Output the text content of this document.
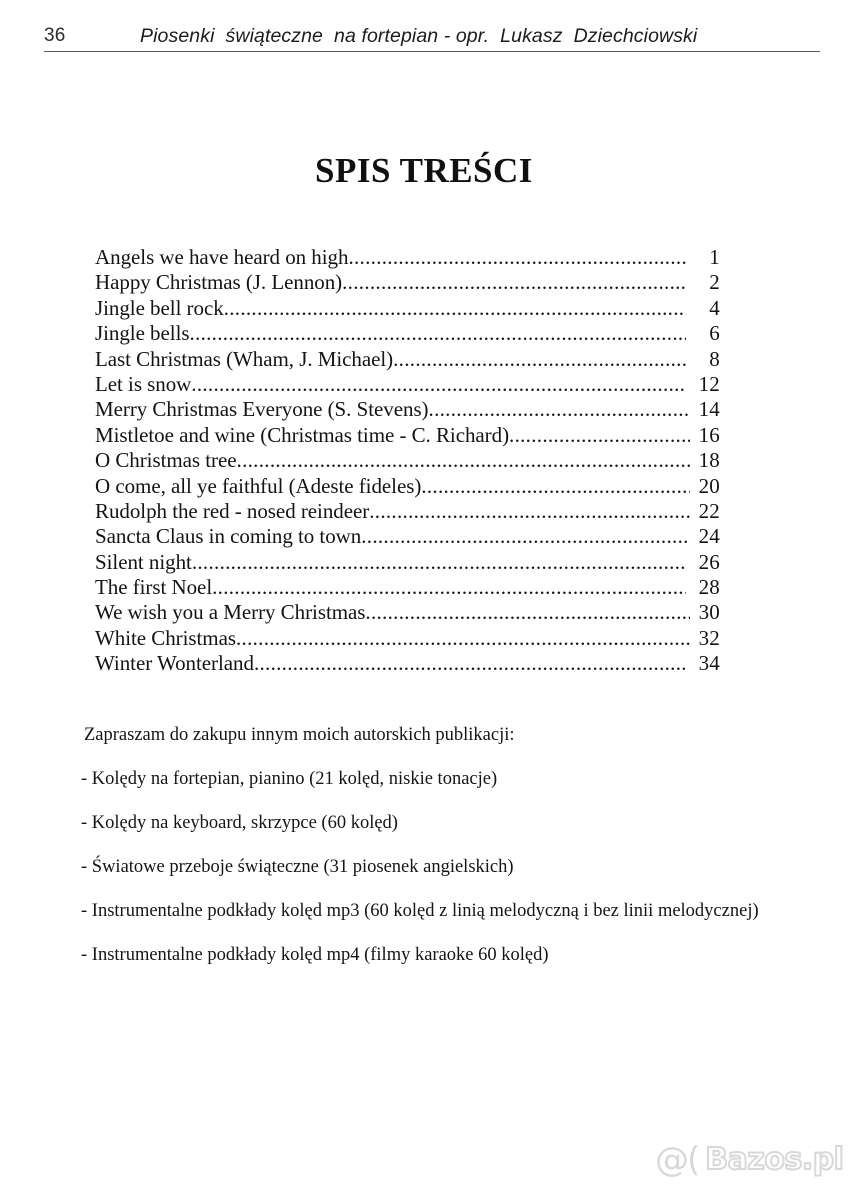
36	Piosenki  świąteczne  na fortepian - opr.  Lukasz  Dziechciowski
SPIS TREŚCI
Angels we have heard on high .....	1
Happy Christmas (J. Lennon) .....	2
Jingle bell rock .....	4
Jingle bells .....	6
Last Christmas (Wham, J. Michael) .....	8
Let is snow .....	12
Merry Christmas Everyone (S. Stevens) .....	14
Mistletoe and wine (Christmas time - C. Richard) .....	16
O Christmas tree .....	18
O come, all ye faithful (Adeste fideles) .....	20
Rudolph the red - nosed reindeer .....	22
Sancta Claus in coming to town .....	24
Silent night .....	26
The first Noel .....	28
We wish you a Merry Christmas .....	30
White Christmas .....	32
Winter Wonterland .....	34
Zapraszam do zakupu innym moich autorskich publikacji:
- Kolędy na fortepian, pianino (21 kolęd, niskie tonacje)
- Kolędy na keyboard, skrzypce (60 kolęd)
- Światowe przeboje świąteczne (31 piosenek angielskich)
- Instrumentalne podkłady kolęd mp3 (60 kolęd z linią melodyczną i bez linii melodycznej)
- Instrumentalne podkłady kolęd mp4 (filmy karaoke 60 kolęd)
@( Bazos.pl
